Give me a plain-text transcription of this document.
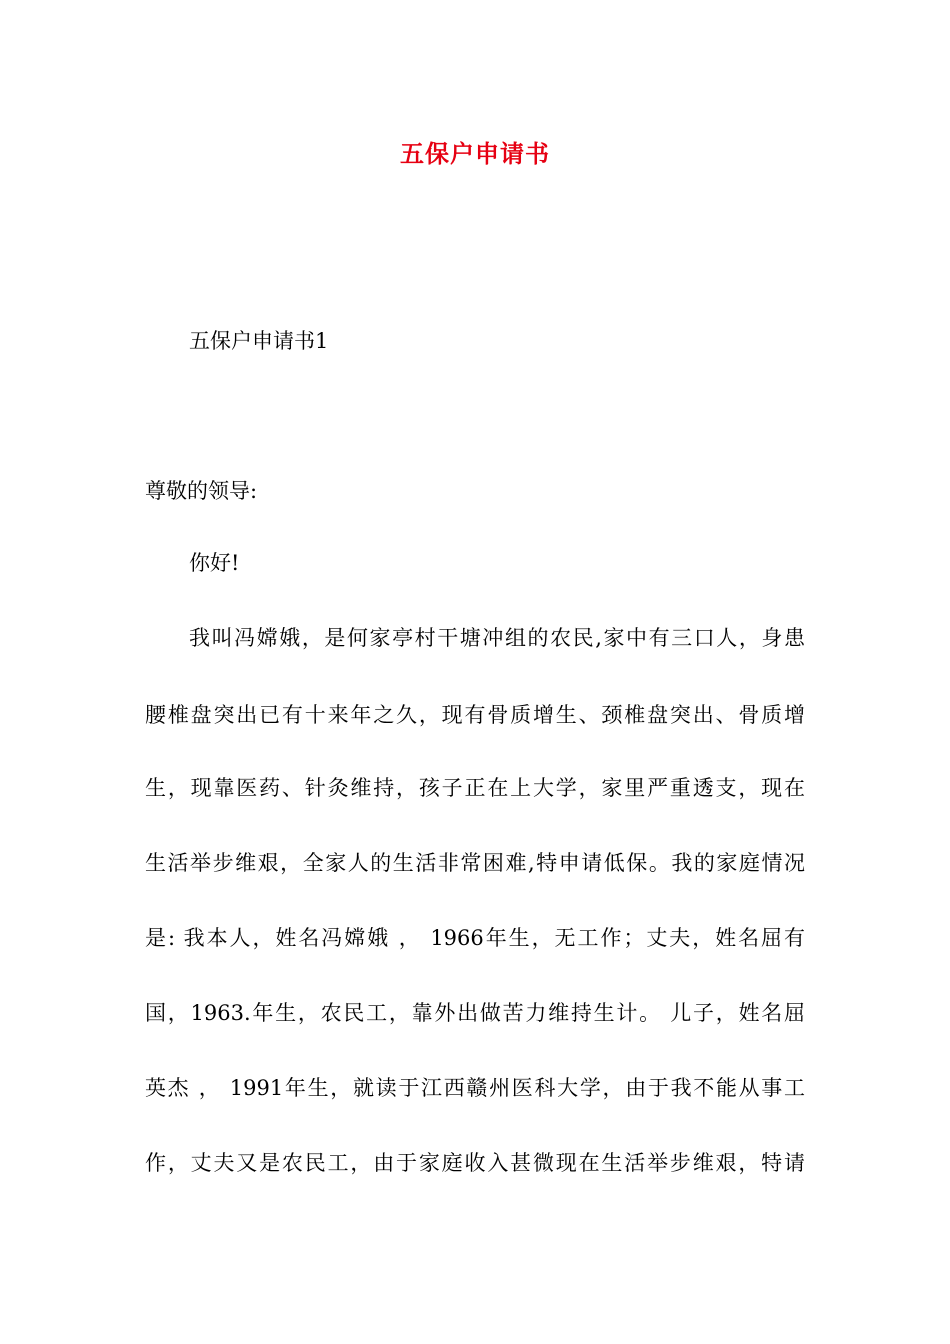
五保户申请书

五保户申请书1

尊敬的领导:

你好!

我叫冯嫦娥，是何家亭村干塘冲组的农民,家中有三口人，身患

腰椎盘突出已有十来年之久，现有骨质增生、颈椎盘突出、骨质增

生，现靠医药、针灸维持，孩子正在上大学，家里严重透支，现在

生活举步维艰，全家人的生活非常困难,特申请低保。我的家庭情况

是: 我本人，姓名冯嫦娥 ， 1966年生，无工作；丈夫，姓名屈有

国，1963.年生，农民工，靠外出做苦力维持生计。 儿子，姓名屈

英杰 ， 1991年生，就读于江西赣州医科大学，由于我不能从事工

作，丈夫又是农民工，由于家庭收入甚微现在生活举步维艰，特请
